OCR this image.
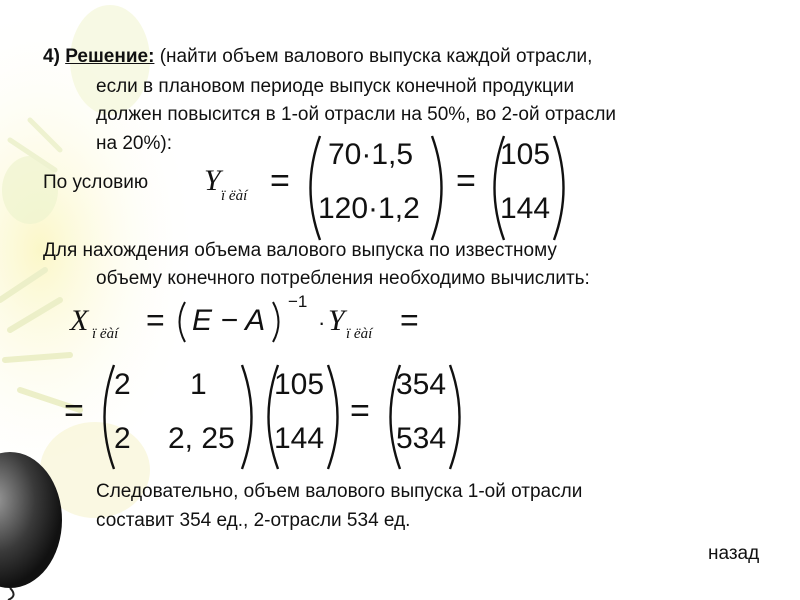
4) Решение: (найти объем валового выпуска каждой отрасли,
если в плановом периоде выпуск конечной продукции
должен повысится в 1-ой отрасли на 50%, во 2-ой отрасли
на 20%):
По условию Y ï ëàí =
70·1,5
120·1,2
=
105
144
Для нахождения объема валового выпуска по известному
объему конечного потребления необходимо вычислить:
X ï ëàí = E − A
−1
· Y ï ëàí =
=
2 1
2 2, 25
105
144
=
354
534
Следовательно, объем валового выпуска 1-ой отрасли
составит 354 ед., 2-отрасли 534 ед.
назад
